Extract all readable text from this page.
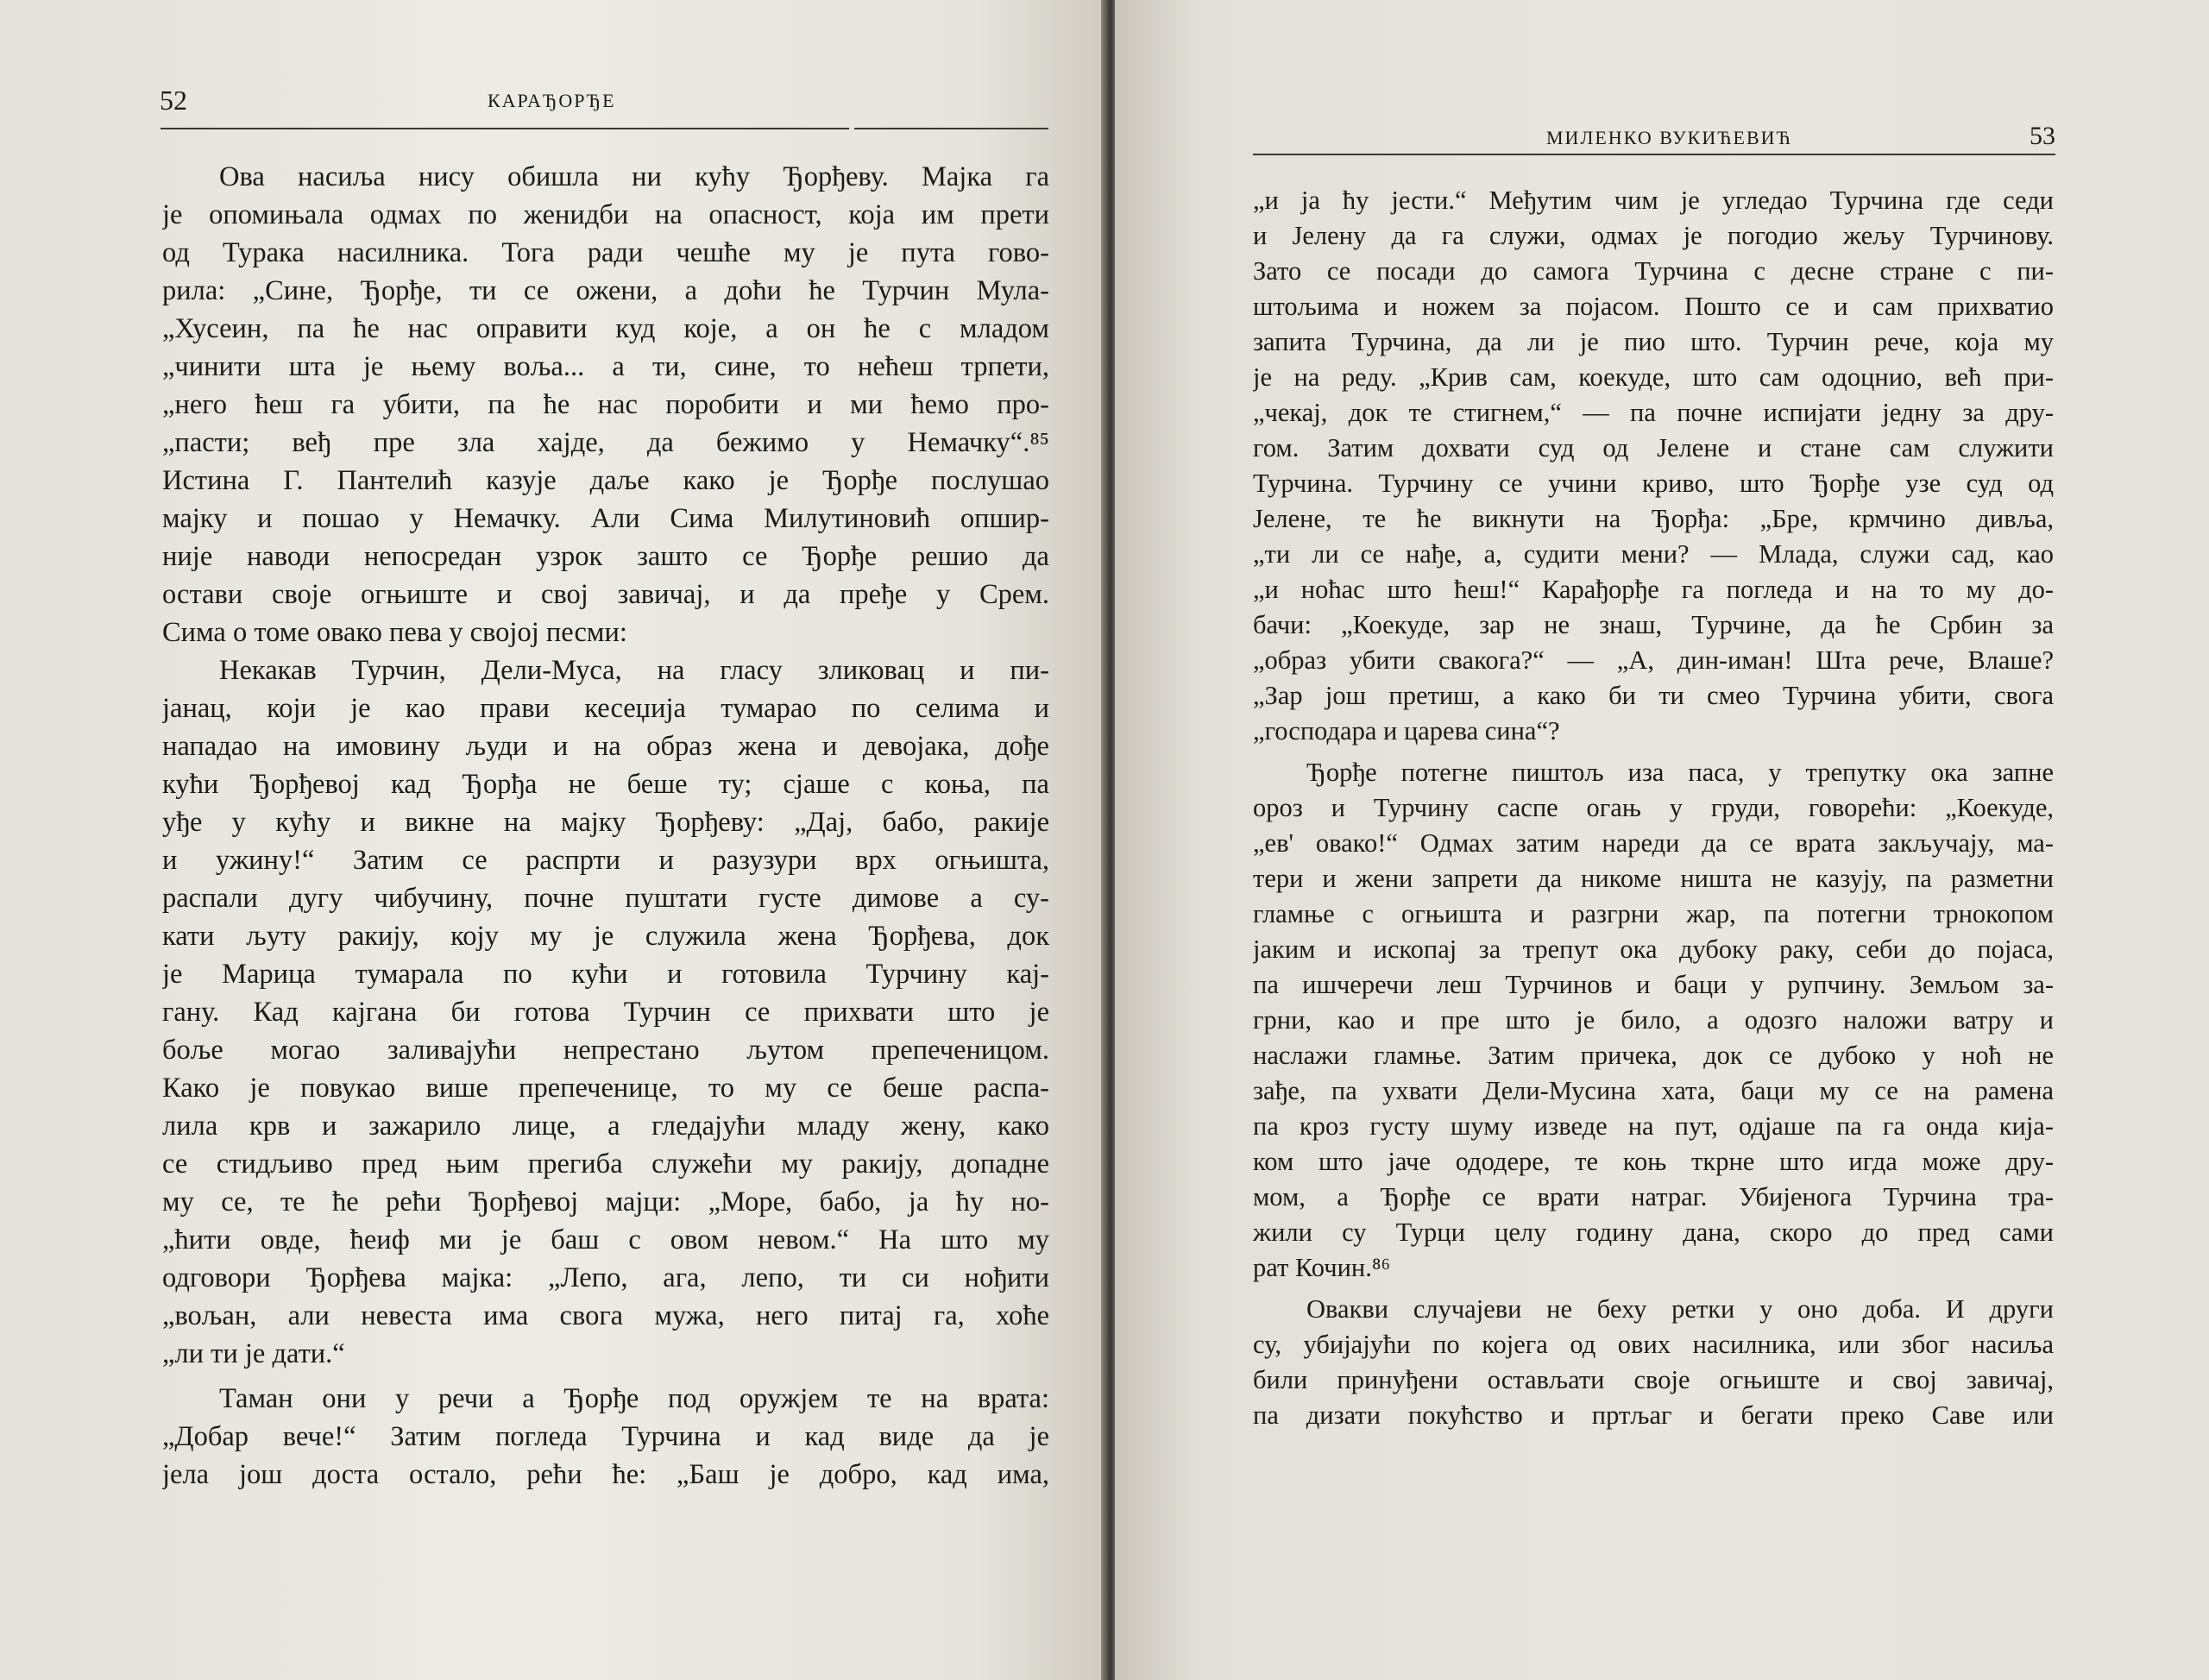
52	КАРАЂОРЂЕ
Ова насиља нису обишла ни кућу Ђорђеву. Мајка га
је опомињала одмах по женидби на опасност, која им прети
од Турака насилника. Тога ради чешће му је пута гово-
рила: „Сине, Ђорђе, ти се ожени, а доћи ће Турчин Мула-
„Хусеин, па ће нас оправити куд које, а он ће с младом
„чинити шта је њему воља... а ти, сине, то нећеш трпети,
„него ћеш га убити, па ће нас поробити и ми ћемо про-
„пасти; веђ пре зла хајде, да бежимо у Немачку“.⁸⁵
Истина Г. Пантелић казује даље како је Ђорђе послушао
мајку и пошао у Немачку. Али Сима Милутиновић опшир-
није наводи непосредан узрок зашто се Ђорђе решио да
остави своје огњиште и свој завичај, и да пређе у Срем.
Сима о томе овако пева у својој песми:
Некакав Турчин, Дели-Муса, на гласу зликовац и пи-
јанац, који је као прави кесеџија тумарао по селима и
нападао на имовину људи и на образ жена и девојака, дође
кући Ђорђевој кад Ђорђа не беше ту; сјаше с коња, па
уђе у кућу и викне на мајку Ђорђеву: „Дај, бабо, ракије
и ужину!“ Затим се распрти и разузури врх огњишта,
распали дугу чибучину, почне пуштати густе димове а су-
кати љуту ракију, коју му је служила жена Ђорђева, док
је Марица тумарала по кући и готовила Турчину кај-
гану. Кад кајгана би готова Турчин се прихвати што је
боље могао заливајући непрестано љутом препеченицом.
Како је повукао више препеченице, то му се беше распа-
лила крв и зажарило лице, а гледајући младу жену, како
се стидљиво пред њим прегиба служећи му ракију, допадне
му се, те ће рећи Ђорђевој мајци: „Море, бабо, ја ћу но-
„ћити овде, ћеиф ми је баш с овом невом.“ На што му
одговори Ђорђева мајка: „Лепо, ага, лепо, ти си нођити
„вољан, али невеста има свога мужа, него питај га, хоће
„ли ти је дати.“
Таман они у речи а Ђорђе под оружјем те на врата:
„Добар вече!“ Затим погледа Турчина и кад виде да је
јела још доста остало, рећи ће: „Баш је добро, кад има,
МИЛЕНКО ВУКИЋЕВИЋ	53
„и ја ћу јести.“ Међутим чим је угледао Турчина где седи
и Јелену да га служи, одмах је погодио жељу Турчинову.
Зато се посади до самога Турчина с десне стране с пи-
штољима и ножем за појасом. Пошто се и сам прихватио
запита Турчина, да ли је пио што. Турчин рече, која му
је на реду. „Крив сам, коекуде, што сам одоцнио, већ при-
„чекај, док те стигнем,“ — па почне испијати једну за дру-
гом. Затим дохвати суд од Јелене и стане сам служити
Турчина. Турчину се учини криво, што Ђорђе узе суд од
Јелене, те ће викнути на Ђорђа: „Бре, крмчино дивља,
„ти ли се нађе, а, судити мени? — Млада, служи сад, као
„и ноћас што ћеш!“ Карађорђе га погледа и на то му до-
бачи: „Коекуде, зар не знаш, Турчине, да ће Србин за
„образ убити свакога?“ — „А, дин-иман! Шта рече, Влаше?
„Зар још претиш, а како би ти смео Турчина убити, свога
„господара и царева сина“?
Ђорђе потегне пиштољ иза паса, у трепутку ока запне
ороз и Турчину саспе огањ у груди, говорећи: „Коекуде,
„ев' овако!“ Одмах затим нареди да се врата закључају, ма-
тери и жени запрети да никоме ништа не казују, па разметни
гламње с огњишта и разгрни жар, па потегни трнокопом
јаким и ископај за трепут ока дубоку раку, себи до појаса,
па ишчеречи леш Турчинов и баци у рупчину. Земљом за-
грни, као и пре што је било, а одозго наложи ватру и
наслажи гламње. Затим причека, док се дубоко у ноћ не
зађе, па ухвати Дели-Мусина хата, баци му се на рамена
па кроз густу шуму изведе на пут, одјаше па га онда кија-
ком што јаче ододере, те коњ ткрне што игда може дру-
мом, а Ђорђе се врати натраг. Убијенога Турчина тра-
жили су Турци целу годину дана, скоро до пред сами
рат Кочин.⁸⁶
Овакви случајеви не беху ретки у оно доба. И други
су, убијајући по којега од ових насилника, или због насиља
били принуђени остављати своје огњиште и свој завичај,
па дизати покућство и пртљаг и бегати преко Саве или
